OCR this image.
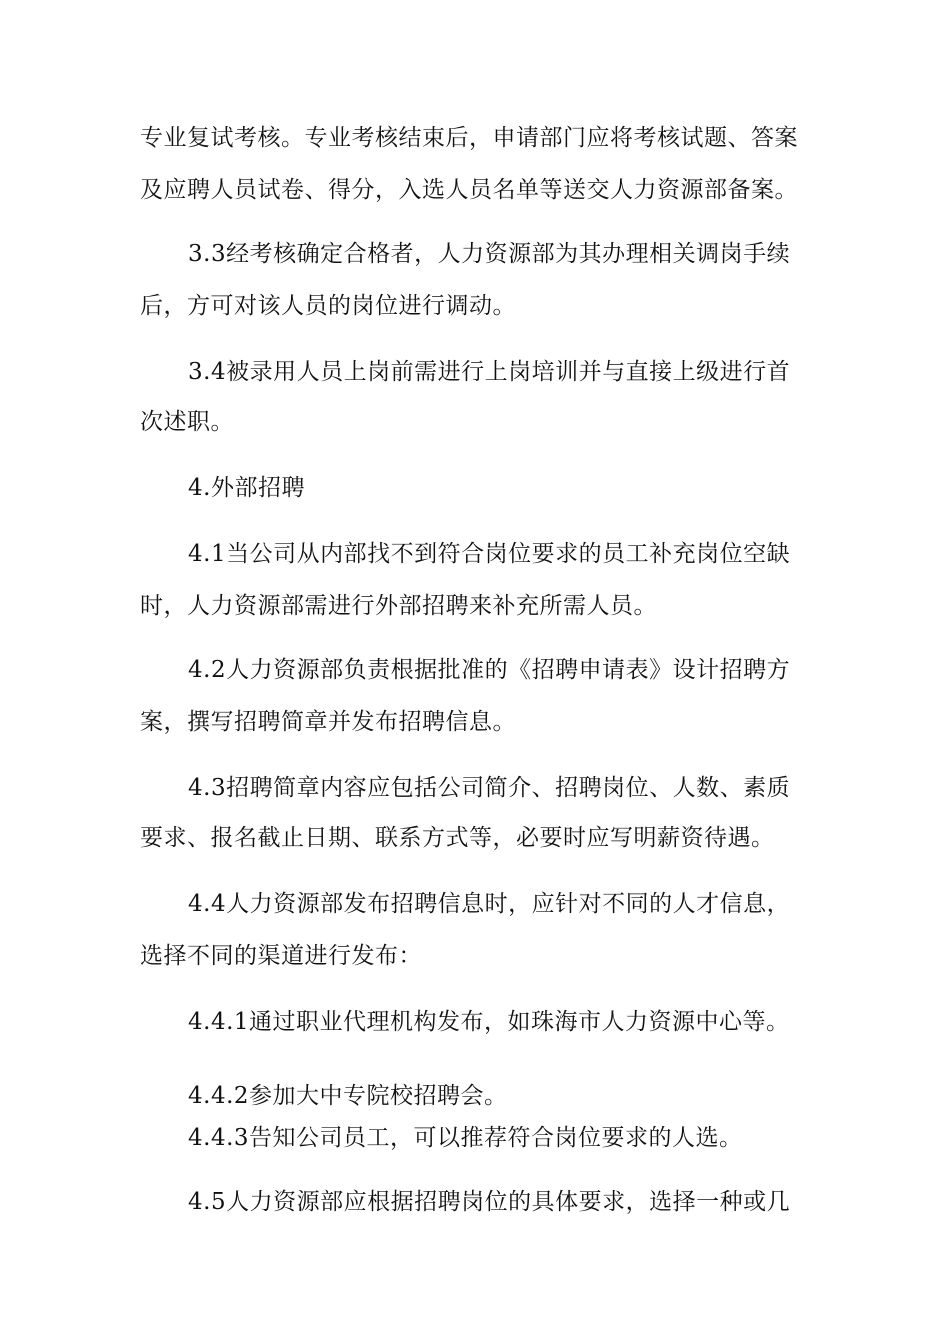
专业复试考核。专业考核结束后，申请部门应将考核试题、答案
及应聘人员试卷、得分，入选人员名单等送交人力资源部备案。
3.3经考核确定合格者，人力资源部为其办理相关调岗手续
后，方可对该人员的岗位进行调动。
3.4被录用人员上岗前需进行上岗培训并与直接上级进行首
次述职。
4.外部招聘
4.1当公司从内部找不到符合岗位要求的员工补充岗位空缺
时，人力资源部需进行外部招聘来补充所需人员。
4.2人力资源部负责根据批准的《招聘申请表》设计招聘方
案，撰写招聘简章并发布招聘信息。
4.3招聘简章内容应包括公司简介、招聘岗位、人数、素质
要求、报名截止日期、联系方式等，必要时应写明薪资待遇。
4.4人力资源部发布招聘信息时，应针对不同的人才信息，
选择不同的渠道进行发布：
4.4.1通过职业代理机构发布，如珠海市人力资源中心等。
4.4.2参加大中专院校招聘会。
4.4.3告知公司员工，可以推荐符合岗位要求的人选。
4.5人力资源部应根据招聘岗位的具体要求，选择一种或几
